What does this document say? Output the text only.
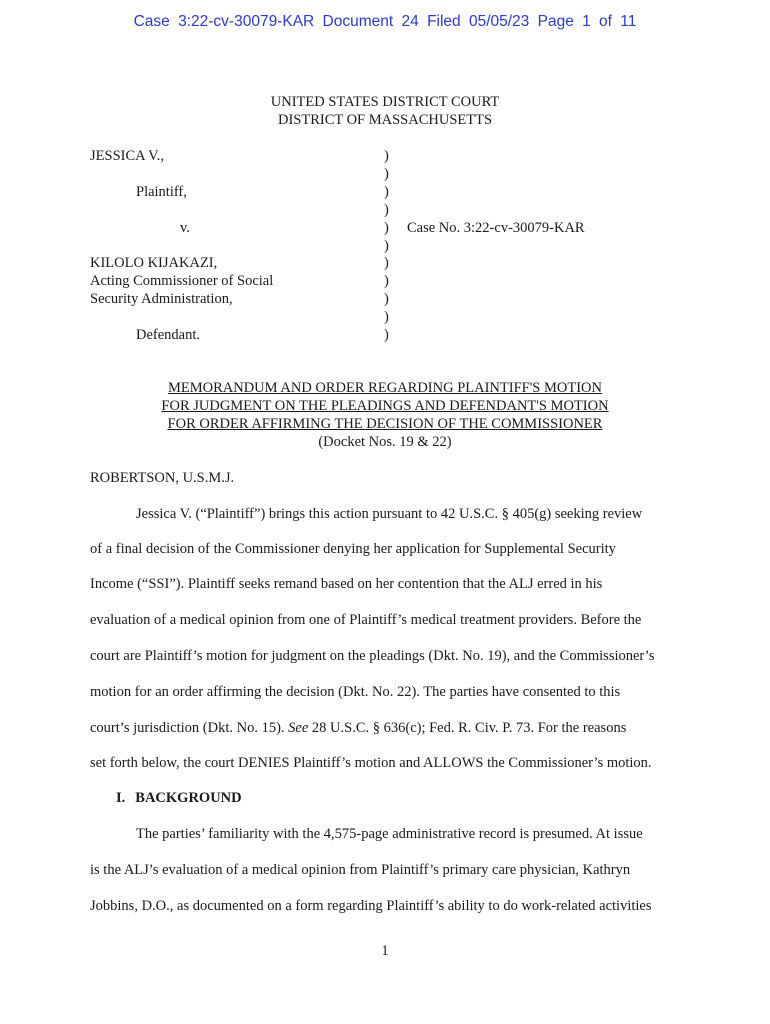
Case 3:22-cv-30079-KAR Document 24 Filed 05/05/23 Page 1 of 11
UNITED STATES DISTRICT COURT
DISTRICT OF MASSACHUSETTS
JESSICA V.,
Plaintiff,
v.
KILOLO KIJAKAZI,
Acting Commissioner of Social
Security Administration,
Defendant.
)
)
)
)
)
)
)
)
)
)
)
Case No. 3:22-cv-30079-KAR
MEMORANDUM AND ORDER REGARDING PLAINTIFF'S MOTION
FOR JUDGMENT ON THE PLEADINGS AND DEFENDANT'S MOTION
FOR ORDER AFFIRMING THE DECISION OF THE COMMISSIONER
(Docket Nos. 19 & 22)
ROBERTSON, U.S.M.J.
Jessica V. (“Plaintiff”) brings this action pursuant to 42 U.S.C. § 405(g) seeking review
of a final decision of the Commissioner denying her application for Supplemental Security
Income (“SSI”). Plaintiff seeks remand based on her contention that the ALJ erred in his
evaluation of a medical opinion from one of Plaintiff’s medical treatment providers. Before the
court are Plaintiff’s motion for judgment on the pleadings (Dkt. No. 19), and the Commissioner’s
motion for an order affirming the decision (Dkt. No. 22). The parties have consented to this
court’s jurisdiction (Dkt. No. 15). See 28 U.S.C. § 636(c); Fed. R. Civ. P. 73. For the reasons
set forth below, the court DENIES Plaintiff’s motion and ALLOWS the Commissioner’s motion.
I. BACKGROUND
The parties’ familiarity with the 4,575-page administrative record is presumed. At issue
is the ALJ’s evaluation of a medical opinion from Plaintiff’s primary care physician, Kathryn
Jobbins, D.O., as documented on a form regarding Plaintiff’s ability to do work-related activities
1
